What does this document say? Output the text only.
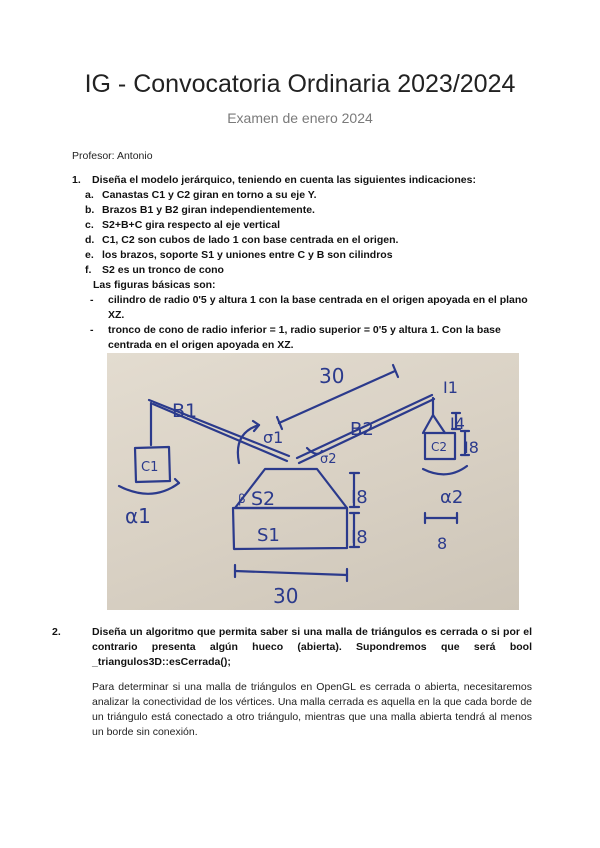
IG - Convocatoria Ordinaria 2023/2024
Examen de enero 2024
Profesor: Antonio
1. Diseña el modelo jerárquico, teniendo en cuenta las siguientes indicaciones:
a. Canastas C1 y C2 giran en torno a su eje Y.
b. Brazos B1 y B2 giran independientemente.
c. S2+B+C gira respecto al eje vertical
d. C1, C2 son cubos de lado 1 con base centrada en el origen.
e. los brazos, soporte S1 y uniones entre C y B son cilindros
f. S2 es un tronco de cono
Las figuras básicas son:
- cilindro de radio 0'5 y altura 1 con la base centrada en el origen apoyada en el plano XZ.
- tronco de cono de radio inferior = 1, radio superior = 0'5 y altura 1. Con la base centrada en el origen apoyada en XZ.
B1
B2
C1
C2
S2
S1
β
σ1
σ2
α1
α2
I1
30
30
I4
I8
I8
I8
8
2.	Diseña un algoritmo que permita saber si una malla de triángulos es cerrada o si por el contrario presenta algún hueco (abierta). Supondremos que será bool _triangulos3D::esCerrada();
Para determinar si una malla de triángulos en OpenGL es cerrada o abierta, necesitaremos analizar la conectividad de los vértices. Una malla cerrada es aquella en la que cada borde de un triángulo está conectado a otro triángulo, mientras que una malla abierta tendrá al menos un borde sin conexión.
